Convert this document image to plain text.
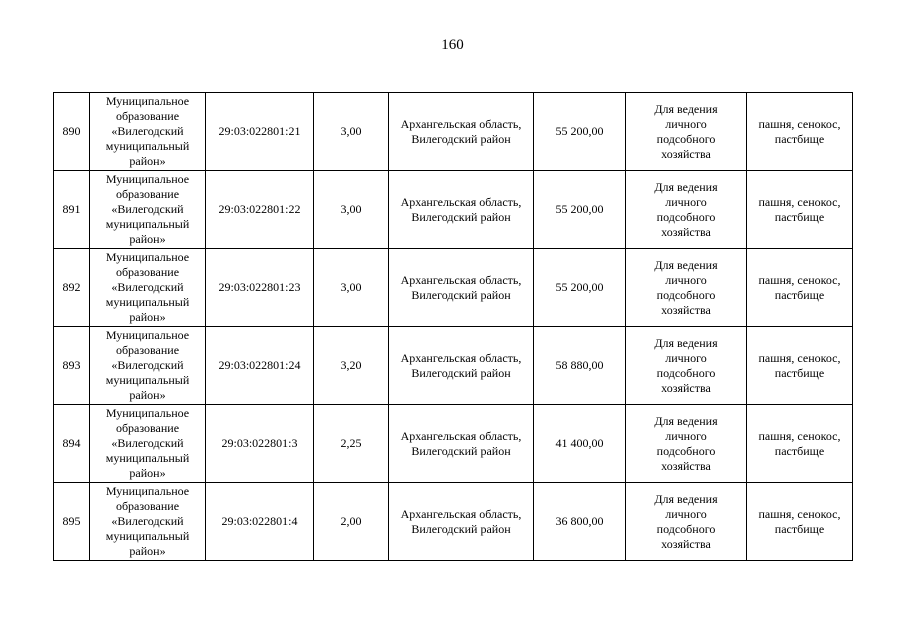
160
890	Муниципальное
образование
«Вилегодский
муниципальный
район»	29:03:022801:21	3,00	Архангельская область,
Вилегодский район	55 200,00	Для ведения
личного
подсобного
хозяйства	пашня, сенокос,
пастбище
891	Муниципальное
образование
«Вилегодский
муниципальный
район»	29:03:022801:22	3,00	Архангельская область,
Вилегодский район	55 200,00	Для ведения
личного
подсобного
хозяйства	пашня, сенокос,
пастбище
892	Муниципальное
образование
«Вилегодский
муниципальный
район»	29:03:022801:23	3,00	Архангельская область,
Вилегодский район	55 200,00	Для ведения
личного
подсобного
хозяйства	пашня, сенокос,
пастбище
893	Муниципальное
образование
«Вилегодский
муниципальный
район»	29:03:022801:24	3,20	Архангельская область,
Вилегодский район	58 880,00	Для ведения
личного
подсобного
хозяйства	пашня, сенокос,
пастбище
894	Муниципальное
образование
«Вилегодский
муниципальный
район»	29:03:022801:3	2,25	Архангельская область,
Вилегодский район	41 400,00	Для ведения
личного
подсобного
хозяйства	пашня, сенокос,
пастбище
895	Муниципальное
образование
«Вилегодский
муниципальный
район»	29:03:022801:4	2,00	Архангельская область,
Вилегодский район	36 800,00	Для ведения
личного
подсобного
хозяйства	пашня, сенокос,
пастбище
